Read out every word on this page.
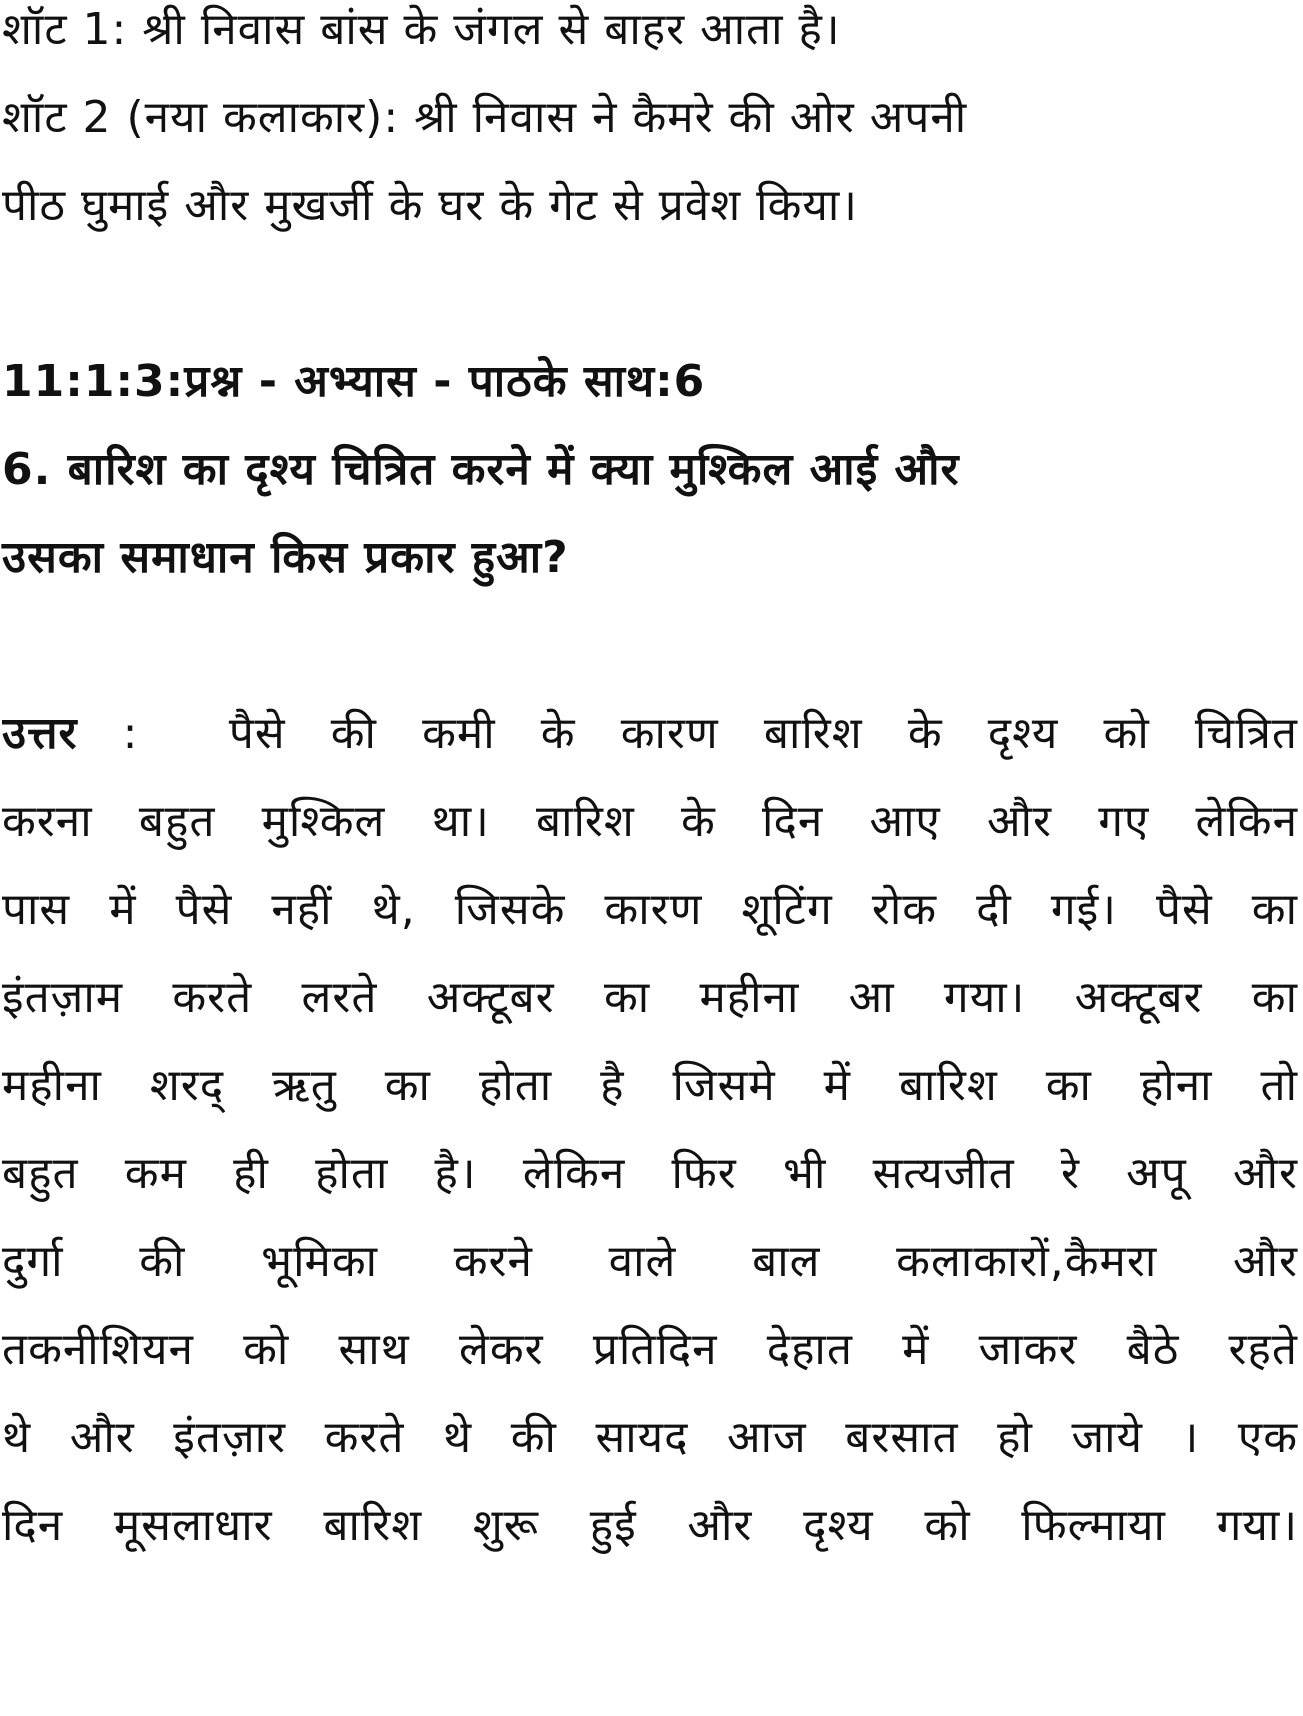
शॉट 1: श्री निवास बांस के जंगल से बाहर आता है।
शॉट 2 (नया कलाकार): श्री निवास ने कैमरे की ओर अपनी
पीठ घुमाई और मुखर्जी के घर के गेट से प्रवेश किया।
11:1:3:प्रश्न - अभ्यास - पाठके साथ:6
6. बारिश का दृश्य चित्रित करने में क्या मुश्किल आई और
उसका समाधान किस प्रकार हुआ?
उत्तर : पैसे की कमी के कारण बारिश के दृश्य को चित्रित
करना बहुत मुश्किल था। बारिश के दिन आए और गए लेकिन
पास में पैसे नहीं थे, जिसके कारण शूटिंग रोक दी गई। पैसे का
इंतज़ाम करते लरते अक्टूबर का महीना आ गया। अक्टूबर का
महीना शरद् ऋतु का होता है जिसमे में बारिश का होना तो
बहुत कम ही होता है। लेकिन फिर भी सत्यजीत रे अपू और
दुर्गा की भूमिका करने वाले बाल कलाकारों,कैमरा और
तकनीशियन को साथ लेकर प्रतिदिन देहात में जाकर बैठे रहते
थे और इंतज़ार करते थे की सायद आज बरसात हो जाये । एक
दिन मूसलाधार बारिश शुरू हुई और दृश्य को फिल्माया गया।
